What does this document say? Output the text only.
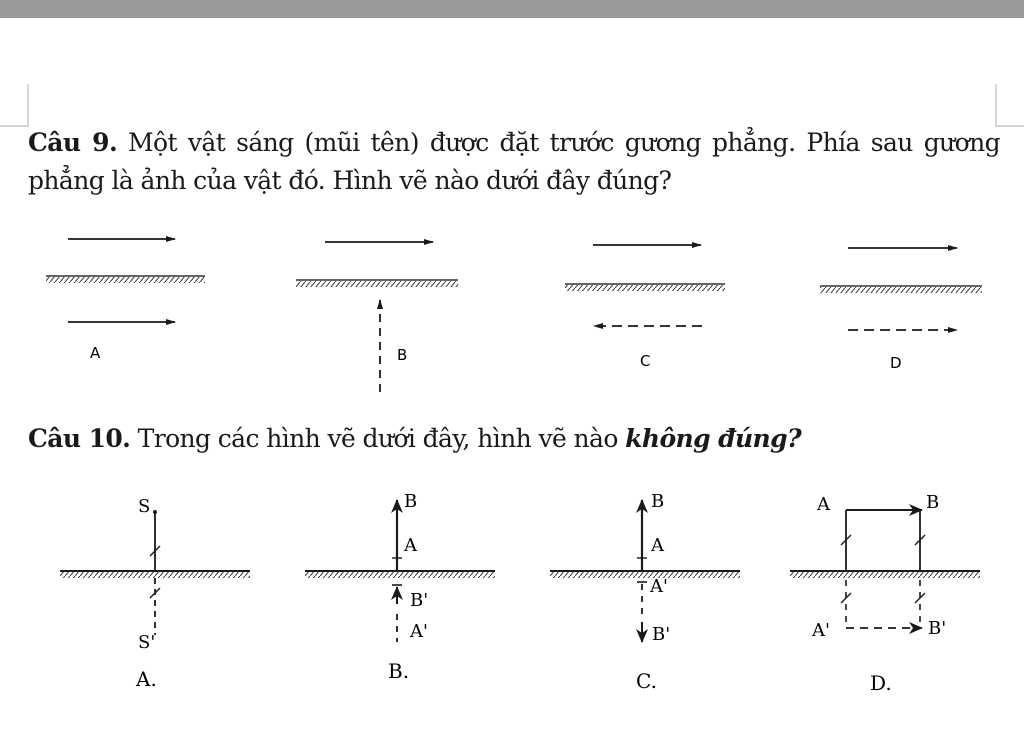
Câu 9. Một vật sáng (mũi tên) được đặt trước gương phẳng. Phía sau gương phẳng là ảnh của vật đó. Hình vẽ nào dưới đây đúng?
Câu 10. Trong các hình vẽ dưới đây, hình vẽ nào không đúng?
A	B	C	D
S
S'
A.
B
A
B'
A'
B.
B
A
A'
B'
C.
A	B
A'	B'
D.
